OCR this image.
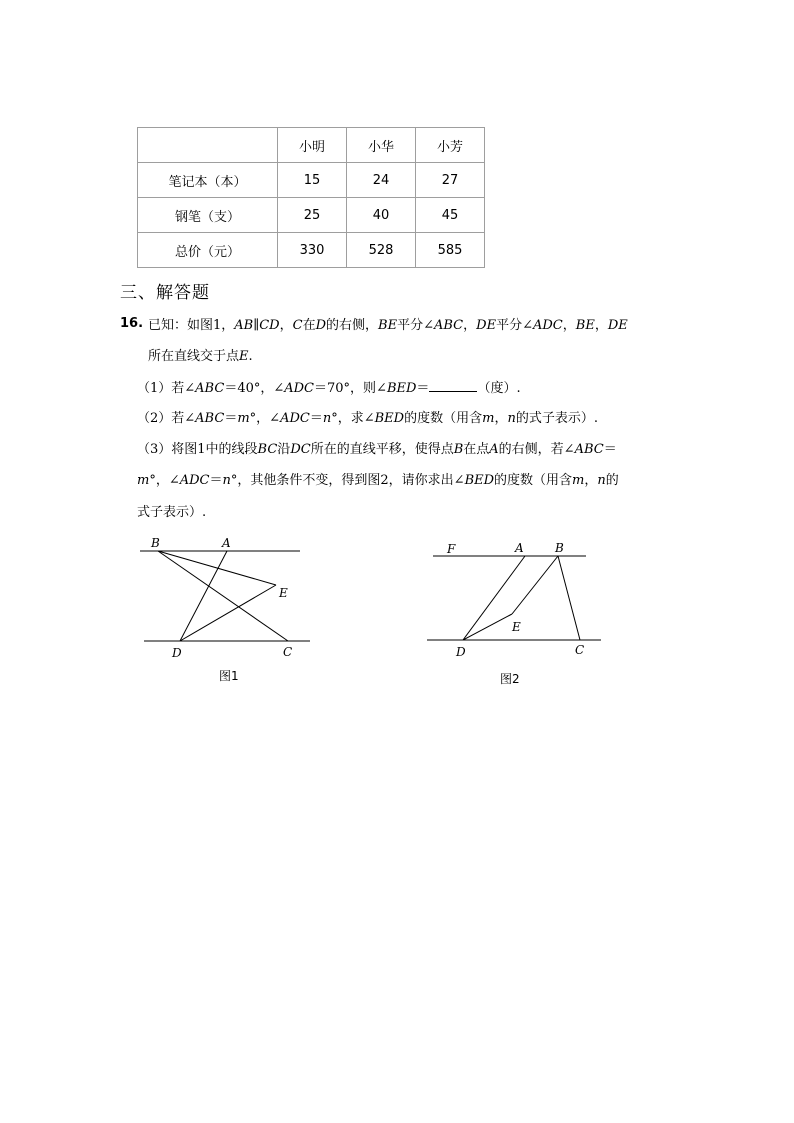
	小明	小华	小芳
笔记本（本）	15	24	27
钢笔（支）	25	40	45
总价（元）	330	528	585
三、解答题
16. 已知：如图1，AB∥CD，C在D的右侧，BE平分∠ABC，DE平分∠ADC，BE，DE
所在直线交于点E.
（1）若∠ABC＝40°，∠ADC＝70°，则∠BED＝	（度）.
（2）若∠ABC＝m°，∠ADC＝n°，求∠BED的度数（用含m，n的式子表示）.
（3）将图1中的线段BC沿DC所在的直线平移，使得点B在点A的右侧，若∠ABC＝
m°，∠ADC＝n°，其他条件不变，得到图2，请你求出∠BED的度数（用含m，n的
式子表示）.
B	A
E
D	C
F	A	B
E
D	C
图1	图2
